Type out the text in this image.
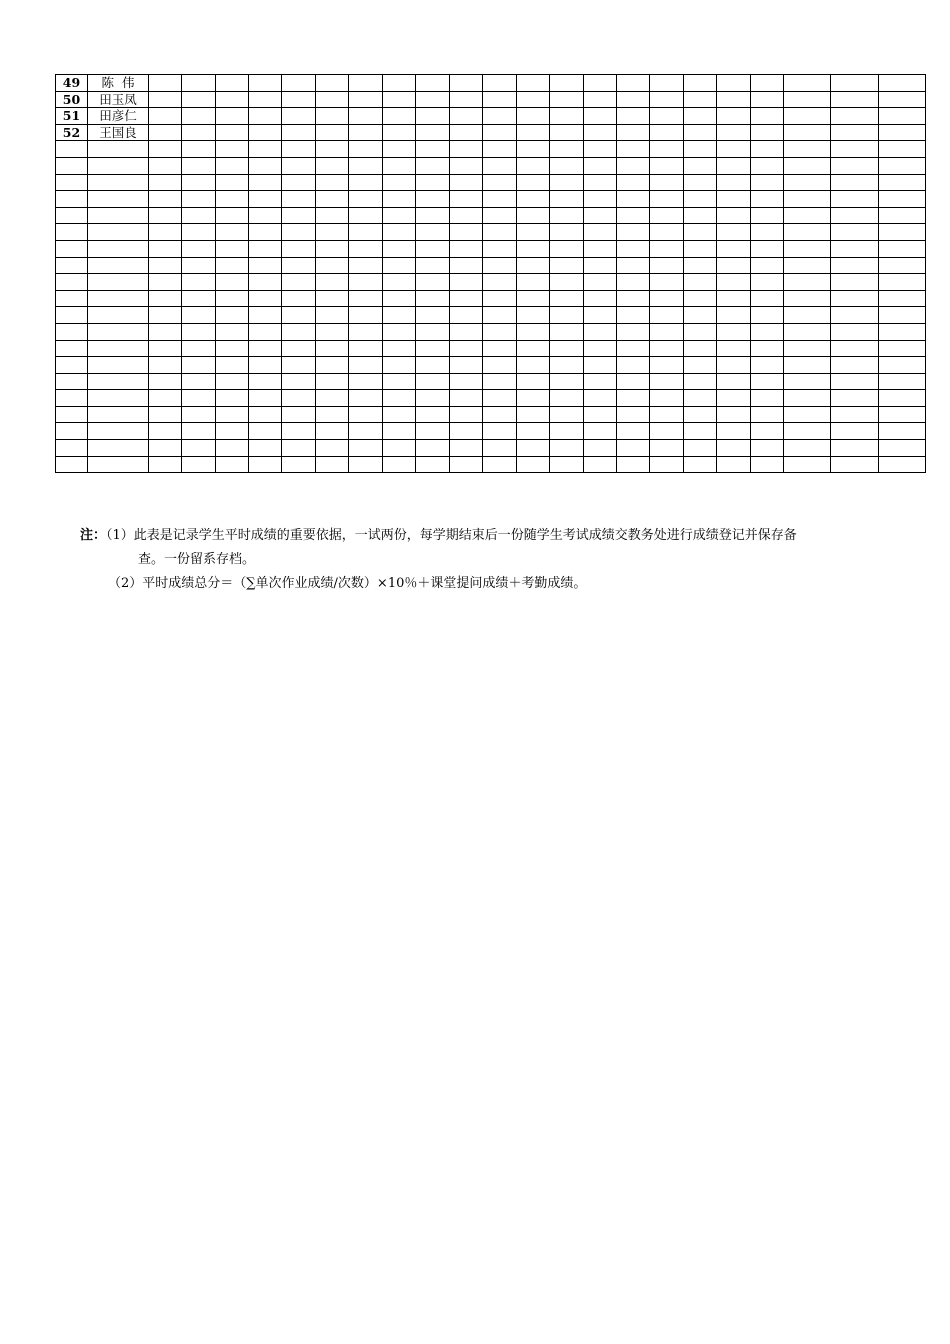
49	陈  伟																						
50	田玉凤																						
51	田彦仁																						
52	王国良																						

注：（1）此表是记录学生平时成绩的重要依据，一试两份，每学期结束后一份随学生考试成绩交教务处进行成绩登记并保存备
查。一份留系存档。
（2）平时成绩总分＝（∑单次作业成绩/次数）×10％＋课堂提问成绩＋考勤成绩。
